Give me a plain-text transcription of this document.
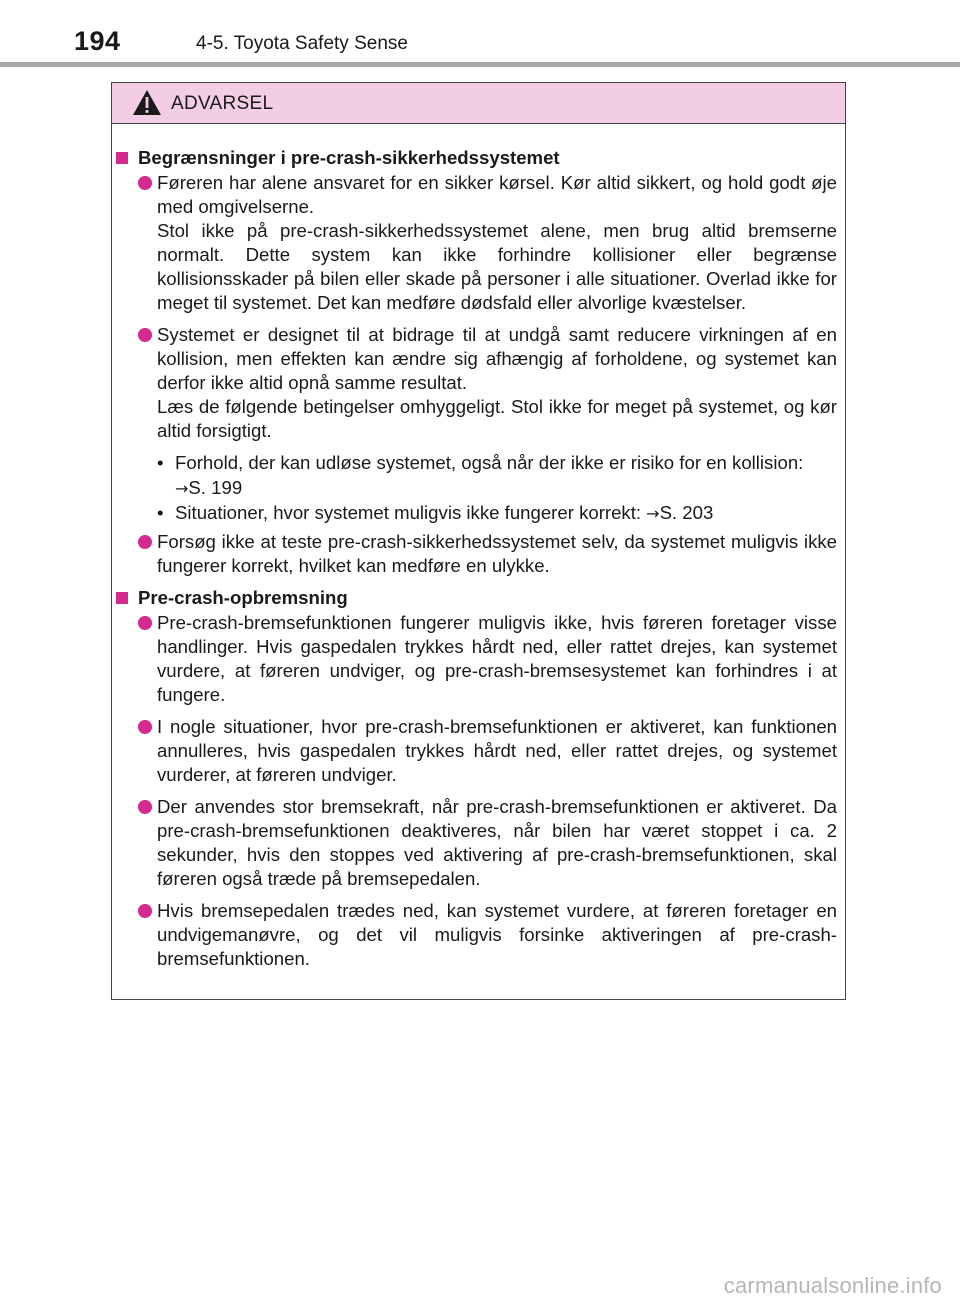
194	4-5. Toyota Safety Sense
ADVARSEL
Begrænsninger i pre-crash-sikkerhedssystemet

Føreren har alene ansvaret for en sikker kørsel. Kør altid sikkert, og hold godt øje med omgivelserne.

Stol ikke på pre-crash-sikkerhedssystemet alene, men brug altid bremserne normalt. Dette system kan ikke forhindre kollisioner eller begrænse kollisionsskader på bilen eller skade på personer i alle situationer. Overlad ikke for meget til systemet. Det kan medføre dødsfald eller alvorlige kvæstelser.

Systemet er designet til at bidrage til at undgå samt reducere virkningen af en kollision, men effekten kan ændre sig afhængig af forholdene, og systemet kan derfor ikke altid opnå samme resultat.

Læs de følgende betingelser omhyggeligt. Stol ikke for meget på systemet, og kør altid forsigtigt.

• Forhold, der kan udløse systemet, også når der ikke er risiko for en kollision: →S. 199
• Situationer, hvor systemet muligvis ikke fungerer korrekt: →S. 203

Forsøg ikke at teste pre-crash-sikkerhedssystemet selv, da systemet muligvis ikke fungerer korrekt, hvilket kan medføre en ulykke.

Pre-crash-opbremsning

Pre-crash-bremsefunktionen fungerer muligvis ikke, hvis føreren foretager visse handlinger. Hvis gaspedalen trykkes hårdt ned, eller rattet drejes, kan systemet vurdere, at føreren undviger, og pre-crash-bremsesystemet kan forhindres i at fungere.

I nogle situationer, hvor pre-crash-bremsefunktionen er aktiveret, kan funktionen annulleres, hvis gaspedalen trykkes hårdt ned, eller rattet drejes, og systemet vurderer, at føreren undviger.

Der anvendes stor bremsekraft, når pre-crash-bremsefunktionen er aktiveret. Da pre-crash-bremsefunktionen deaktiveres, når bilen har været stoppet i ca. 2 sekunder, hvis den stoppes ved aktivering af pre-crash-bremsefunktionen, skal føreren også træde på bremsepedalen.

Hvis bremsepedalen trædes ned, kan systemet vurdere, at føreren foretager en undvigemanøvre, og det vil muligvis forsinke aktiveringen af pre-crash-bremsefunktionen.

carmanualsonline.info
